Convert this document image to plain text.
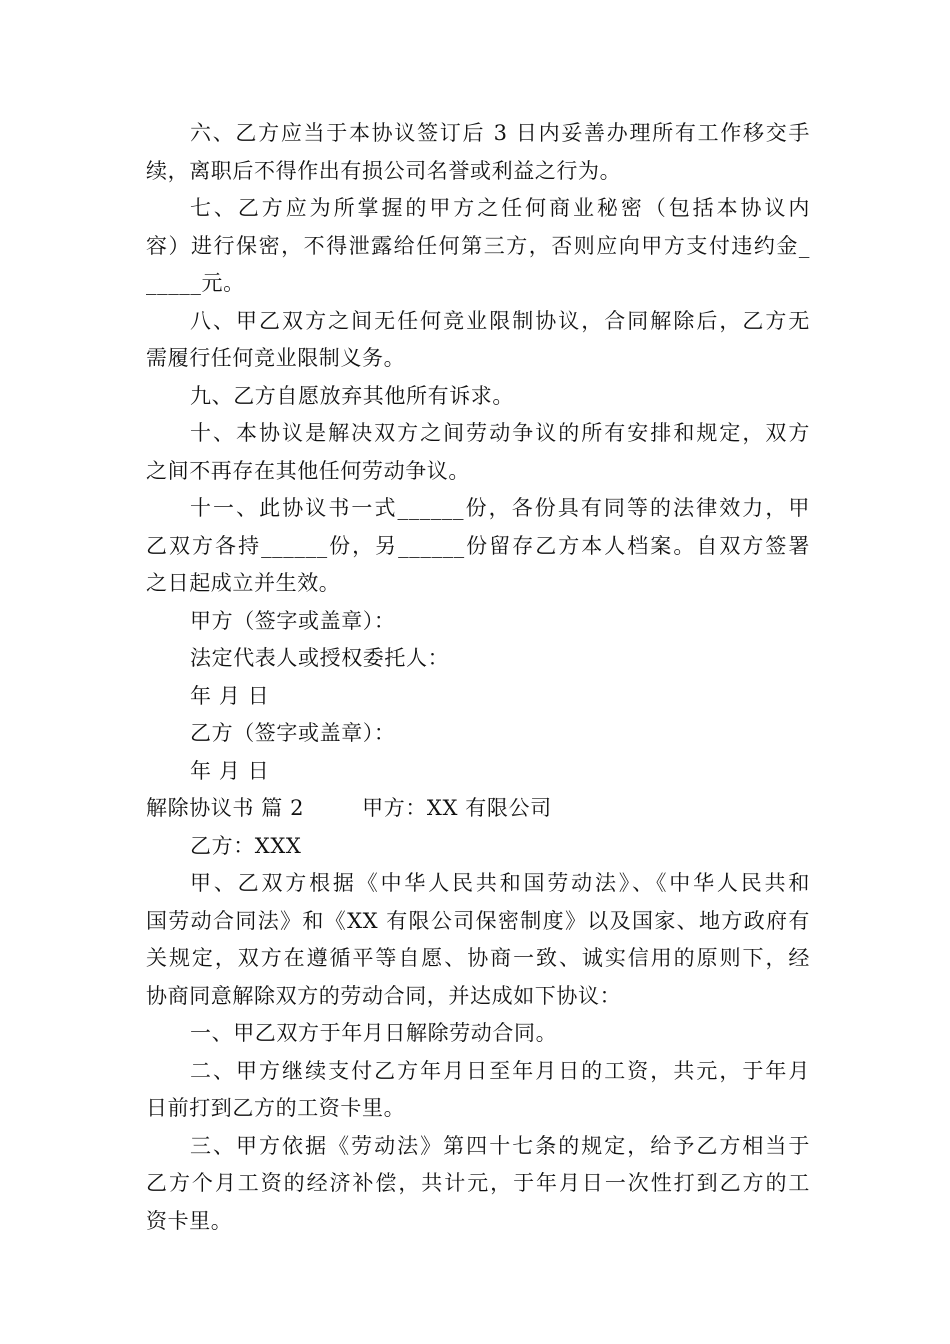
六、乙方应当于本协议签订后 3 日内妥善办理所有工作移交手
续，离职后不得作出有损公司名誉或利益之行为。
七、乙方应为所掌握的甲方之任何商业秘密（包括本协议内
容）进行保密，不得泄露给任何第三方，否则应向甲方支付违约金_
_____元。
八、甲乙双方之间无任何竞业限制协议，合同解除后，乙方无
需履行任何竞业限制义务。
九、乙方自愿放弃其他所有诉求。
十、本协议是解决双方之间劳动争议的所有安排和规定，双方
之间不再存在其他任何劳动争议。
十一、此协议书一式______份，各份具有同等的法律效力，甲
乙双方各持______份，另______份留存乙方本人档案。自双方签署
之日起成立并生效。
甲方（签字或盖章）：
法定代表人或授权委托人：
年 月 日
乙方（签字或盖章）：
年 月 日
解除协议书 篇 2	甲方：XX 有限公司
乙方：XXX
甲、乙双方根据《中华人民共和国劳动法》、《中华人民共和
国劳动合同法》和《XX 有限公司保密制度》以及国家、地方政府有
关规定，双方在遵循平等自愿、协商一致、诚实信用的原则下，经
协商同意解除双方的劳动合同，并达成如下协议：
一、甲乙双方于年月日解除劳动合同。
二、甲方继续支付乙方年月日至年月日的工资，共元，于年月
日前打到乙方的工资卡里。
三、甲方依据《劳动法》第四十七条的规定，给予乙方相当于
乙方个月工资的经济补偿，共计元，于年月日一次性打到乙方的工
资卡里。
